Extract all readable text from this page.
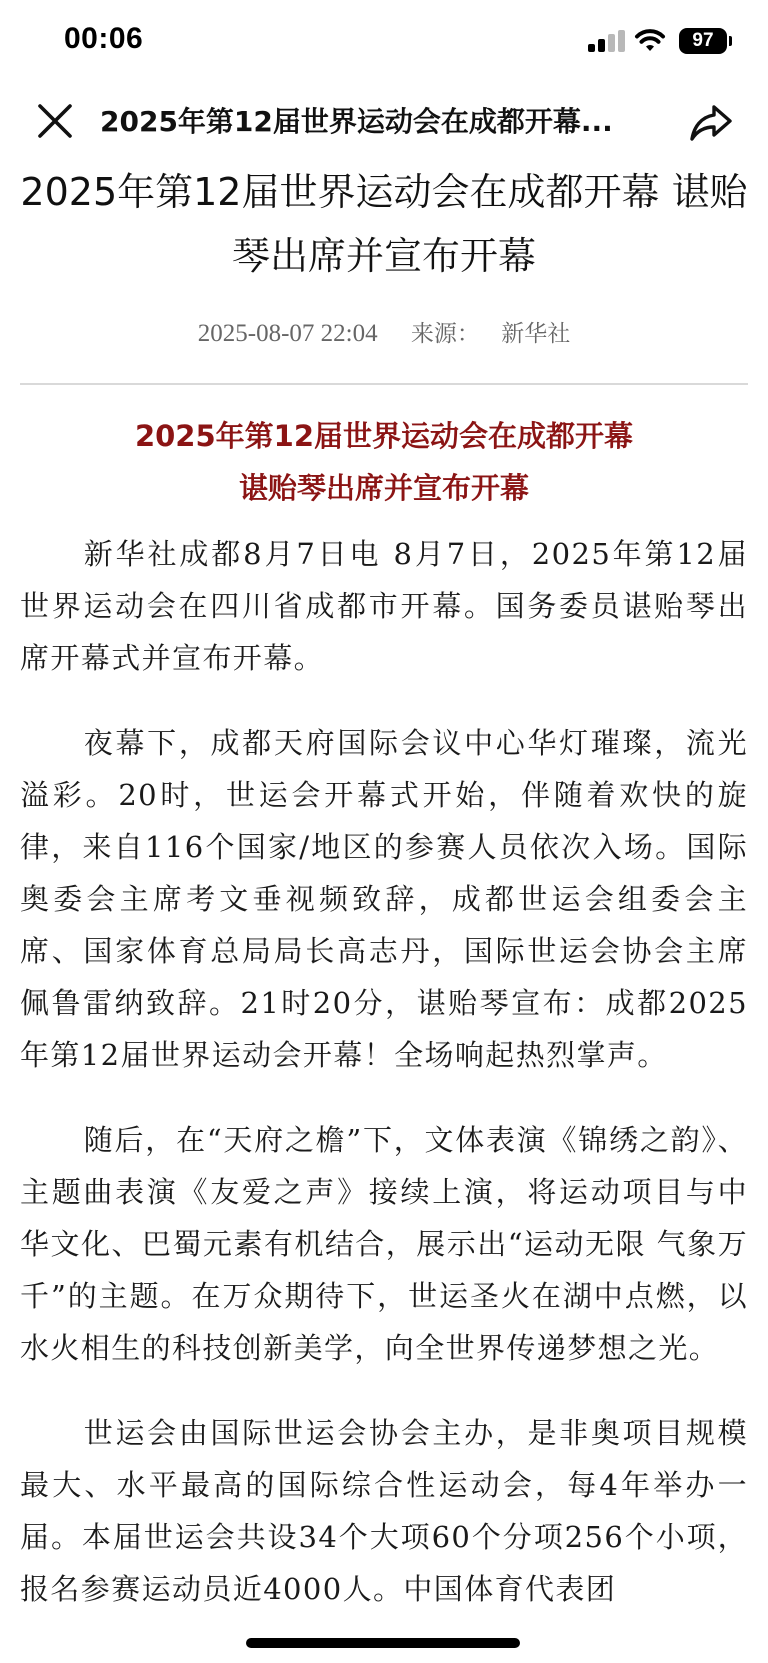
00:06	97
2025年第12届世界运动会在成都开幕...
2025年第12届世界运动会在成都开幕 谌贻琴出席并宣布开幕
2025-08-07 22:04 来源： 新华社
2025年第12届世界运动会在成都开幕
谌贻琴出席并宣布开幕

新华社成都8月7日电 8月7日，2025年第12届世界运动会在四川省成都市开幕。国务委员谌贻琴出席开幕式并宣布开幕。

夜幕下，成都天府国际会议中心华灯璀璨，流光溢彩。20时，世运会开幕式开始，伴随着欢快的旋律，来自116个国家/地区的参赛人员依次入场。国际奥委会主席考文垂视频致辞，成都世运会组委会主席、国家体育总局局长高志丹，国际世运会协会主席佩鲁雷纳致辞。21时20分，谌贻琴宣布：成都2025年第12届世界运动会开幕！全场响起热烈掌声。

随后，在“天府之檐”下，文体表演《锦绣之韵》、主题曲表演《友爱之声》接续上演，将运动项目与中华文化、巴蜀元素有机结合，展示出“运动无限 气象万千”的主题。在万众期待下，世运圣火在湖中点燃，以水火相生的科技创新美学，向全世界传递梦想之光。

世运会由国际世运会协会主办，是非奥项目规模最大、水平最高的国际综合性运动会，每4年举办一届。本届世运会共设34个大项60个分项256个小项，报名参赛运动员近4000人。中国体育代表团
